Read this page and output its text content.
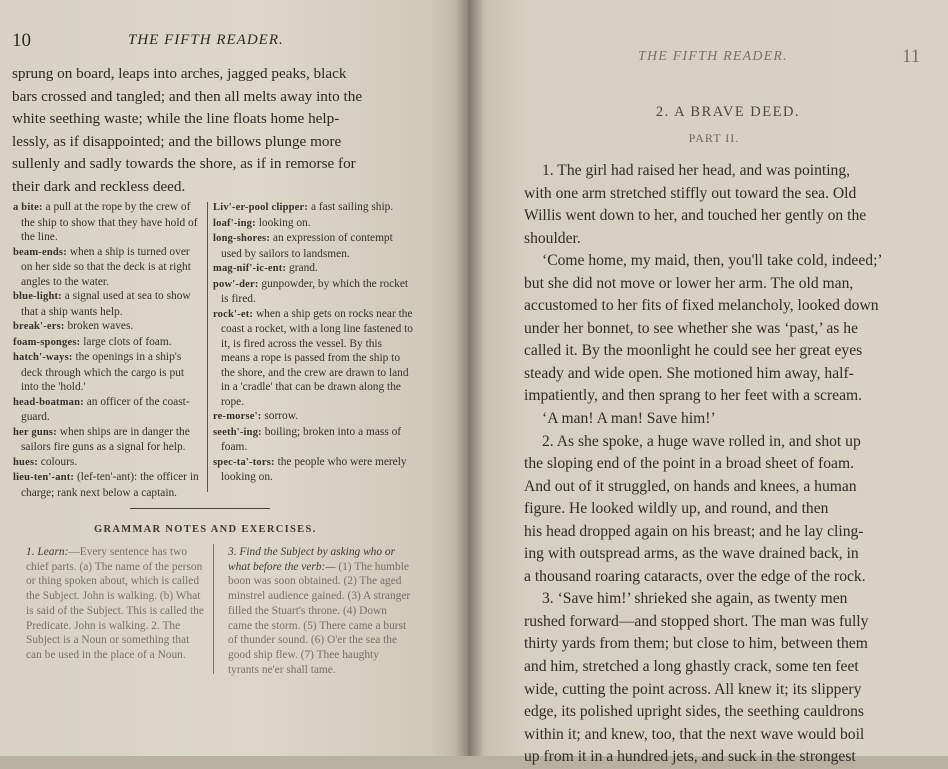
10	THE FIFTH READER.
sprung on board, leaps into arches, jagged peaks, black
bars crossed and tangled; and then all melts away into the
white seething waste; while the line floats home help-
lessly, as if disappointed; and the billows plunge more
sullenly and sadly towards the shore, as if in remorse for
their dark and reckless deed.
a bite: a pull at the rope by the crew of the ship to show that they have hold of the line.
beam-ends: when a ship is turned over on her side so that the deck is at right angles to the water.
blue-light: a signal used at sea to show that a ship wants help.
break'-ers: broken waves.
foam-sponges: large clots of foam.
hatch'-ways: the openings in a ship's deck through which the cargo is put into the 'hold.'
head-boatman: an officer of the coast-guard.
her guns: when ships are in danger the sailors fire guns as a signal for help.
hues: colours.
lieu-ten'-ant: (lef-ten'-ant): the officer in charge; rank next below a captain.
Liv'-er-pool clipper: a fast sailing ship.
loaf'-ing: looking on.
long-shores: an expression of contempt used by sailors to landsmen.
mag-nif'-ic-ent: grand.
pow'-der: gunpowder, by which the rocket is fired.
rock'-et: when a ship gets on rocks near the coast a rocket, with a long line fastened to it, is fired across the vessel. By this means a rope is passed from the ship to the shore, and the crew are drawn to land in a 'cradle' that can be drawn along the rope.
re-morse': sorrow.
seeth'-ing: boiling; broken into a mass of foam.
spec-ta'-tors: the people who were merely looking on.
GRAMMAR NOTES AND EXERCISES.
1. Learn:—Every sentence has two chief parts. (a) The name of the person or thing spoken about, which is called the Subject. John is walking. (b) What is said of the Subject. This is called the Predicate. John is walking. 2. The Subject is a Noun or something that can be used in the place of a Noun.
3. Find the Subject by asking who or what before the verb:— (1) The humble boon was soon obtained. (2) The aged minstrel audience gained. (3) A stranger filled the Stuart's throne. (4) Down came the storm. (5) There came a burst of thunder sound. (6) O'er the sea the good ship flew. (7) Thee haughty tyrants ne'er shall tame.
THE FIFTH READER.	11
2. A BRAVE DEED.
PART II.
1. The girl had raised her head, and was pointing,
with one arm stretched stiffly out toward the sea. Old
Willis went down to her, and touched her gently on the
shoulder.
‘Come home, my maid, then, you'll take cold, indeed;’
but she did not move or lower her arm. The old man,
accustomed to her fits of fixed melancholy, looked down
under her bonnet, to see whether she was ‘past,’ as he
called it. By the moonlight he could see her great eyes
steady and wide open. She motioned him away, half-
impatiently, and then sprang to her feet with a scream.
‘A man! A man! Save him!’
2. As she spoke, a huge wave rolled in, and shot up
the sloping end of the point in a broad sheet of foam.
And out of it struggled, on hands and knees, a human
figure. He looked wildly up, and round, and then
his head dropped again on his breast; and he lay cling-
ing with outspread arms, as the wave drained back, in
a thousand roaring cataracts, over the edge of the rock.
3. ‘Save him!’ shrieked she again, as twenty men
rushed forward—and stopped short. The man was fully
thirty yards from them; but close to him, between them
and him, stretched a long ghastly crack, some ten feet
wide, cutting the point across. All knew it; its slippery
edge, its polished upright sides, the seething cauldrons
within it; and knew, too, that the next wave would boil
up from it in a hundred jets, and suck in the strongest
